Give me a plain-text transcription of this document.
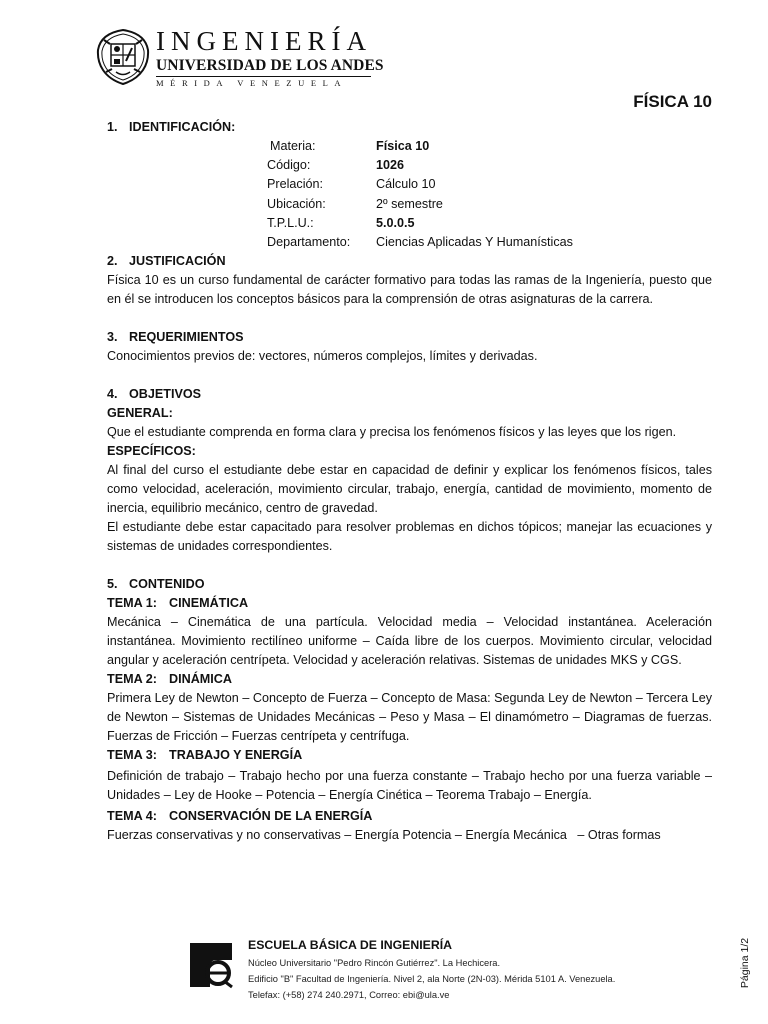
INGENIERÍA
UNIVERSIDAD DE LOS ANDES
MÉRIDA VENEZUELA
FÍSICA 10
1. IDENTIFICACIÓN:
Materia:	Física 10
Código:	1026
Prelación:	Cálculo 10
Ubicación:	2º semestre
T.P.L.U.:	5.0.0.5
Departamento:	Ciencias Aplicadas Y Humanísticas
2. JUSTIFICACIÓN

Física 10 es un curso fundamental de carácter formativo para todas las ramas de la Ingeniería, puesto que en él se introducen los conceptos básicos para la comprensión de otras asignaturas de la carrera.

3. REQUERIMIENTOS

Conocimientos previos de: vectores, números complejos, límites y derivadas.

4. OBJETIVOS
GENERAL:

Que el estudiante comprenda en forma clara y precisa los fenómenos físicos y las leyes que los rigen.

ESPECÍFICOS:

Al final del curso el estudiante debe estar en capacidad de definir y explicar los fenómenos físicos, tales como velocidad, aceleración, movimiento circular, trabajo, energía, cantidad de movimiento, momento de inercia, equilibrio mecánico, centro de gravedad.

El estudiante debe estar capacitado para resolver problemas en dichos tópicos; manejar las ecuaciones y sistemas de unidades correspondientes.

5. CONTENIDO
TEMA 1: CINEMÁTICA

Mecánica – Cinemática de una partícula. Velocidad media – Velocidad instantánea. Aceleración instantánea. Movimiento rectilíneo uniforme – Caída libre de los cuerpos. Movimiento circular, velocidad angular y aceleración centrípeta. Velocidad y aceleración relativas. Sistemas de unidades MKS y CGS.

TEMA 2: DINÁMICA

Primera Ley de Newton – Concepto de Fuerza – Concepto de Masa: Segunda Ley de Newton – Tercera Ley de Newton – Sistemas de Unidades Mecánicas – Peso y Masa – El dinamómetro – Diagramas de fuerzas. Fuerzas de Fricción – Fuerzas centrípeta y centrífuga.

TEMA 3: TRABAJO Y ENERGÍA

Definición de trabajo – Trabajo hecho por una fuerza constante – Trabajo hecho por una fuerza variable – Unidades – Ley de Hooke – Potencia – Energía Cinética – Teorema Trabajo – Energía.

TEMA 4: CONSERVACIÓN DE LA ENERGÍA

Fuerzas conservativas y no conservativas – Energía Potencia – Energía Mecánica   – Otras formas

ESCUELA BÁSICA DE INGENIERÍA
Núcleo Universitario "Pedro Rincón Gutiérrez". La Hechicera.
Edificio "B" Facultad de Ingeniería. Nivel 2, ala Norte (2N-03). Mérida 5101 A. Venezuela.
Telefax: (+58) 274 240.2971, Correo: ebi@ula.ve
Página 1/2
